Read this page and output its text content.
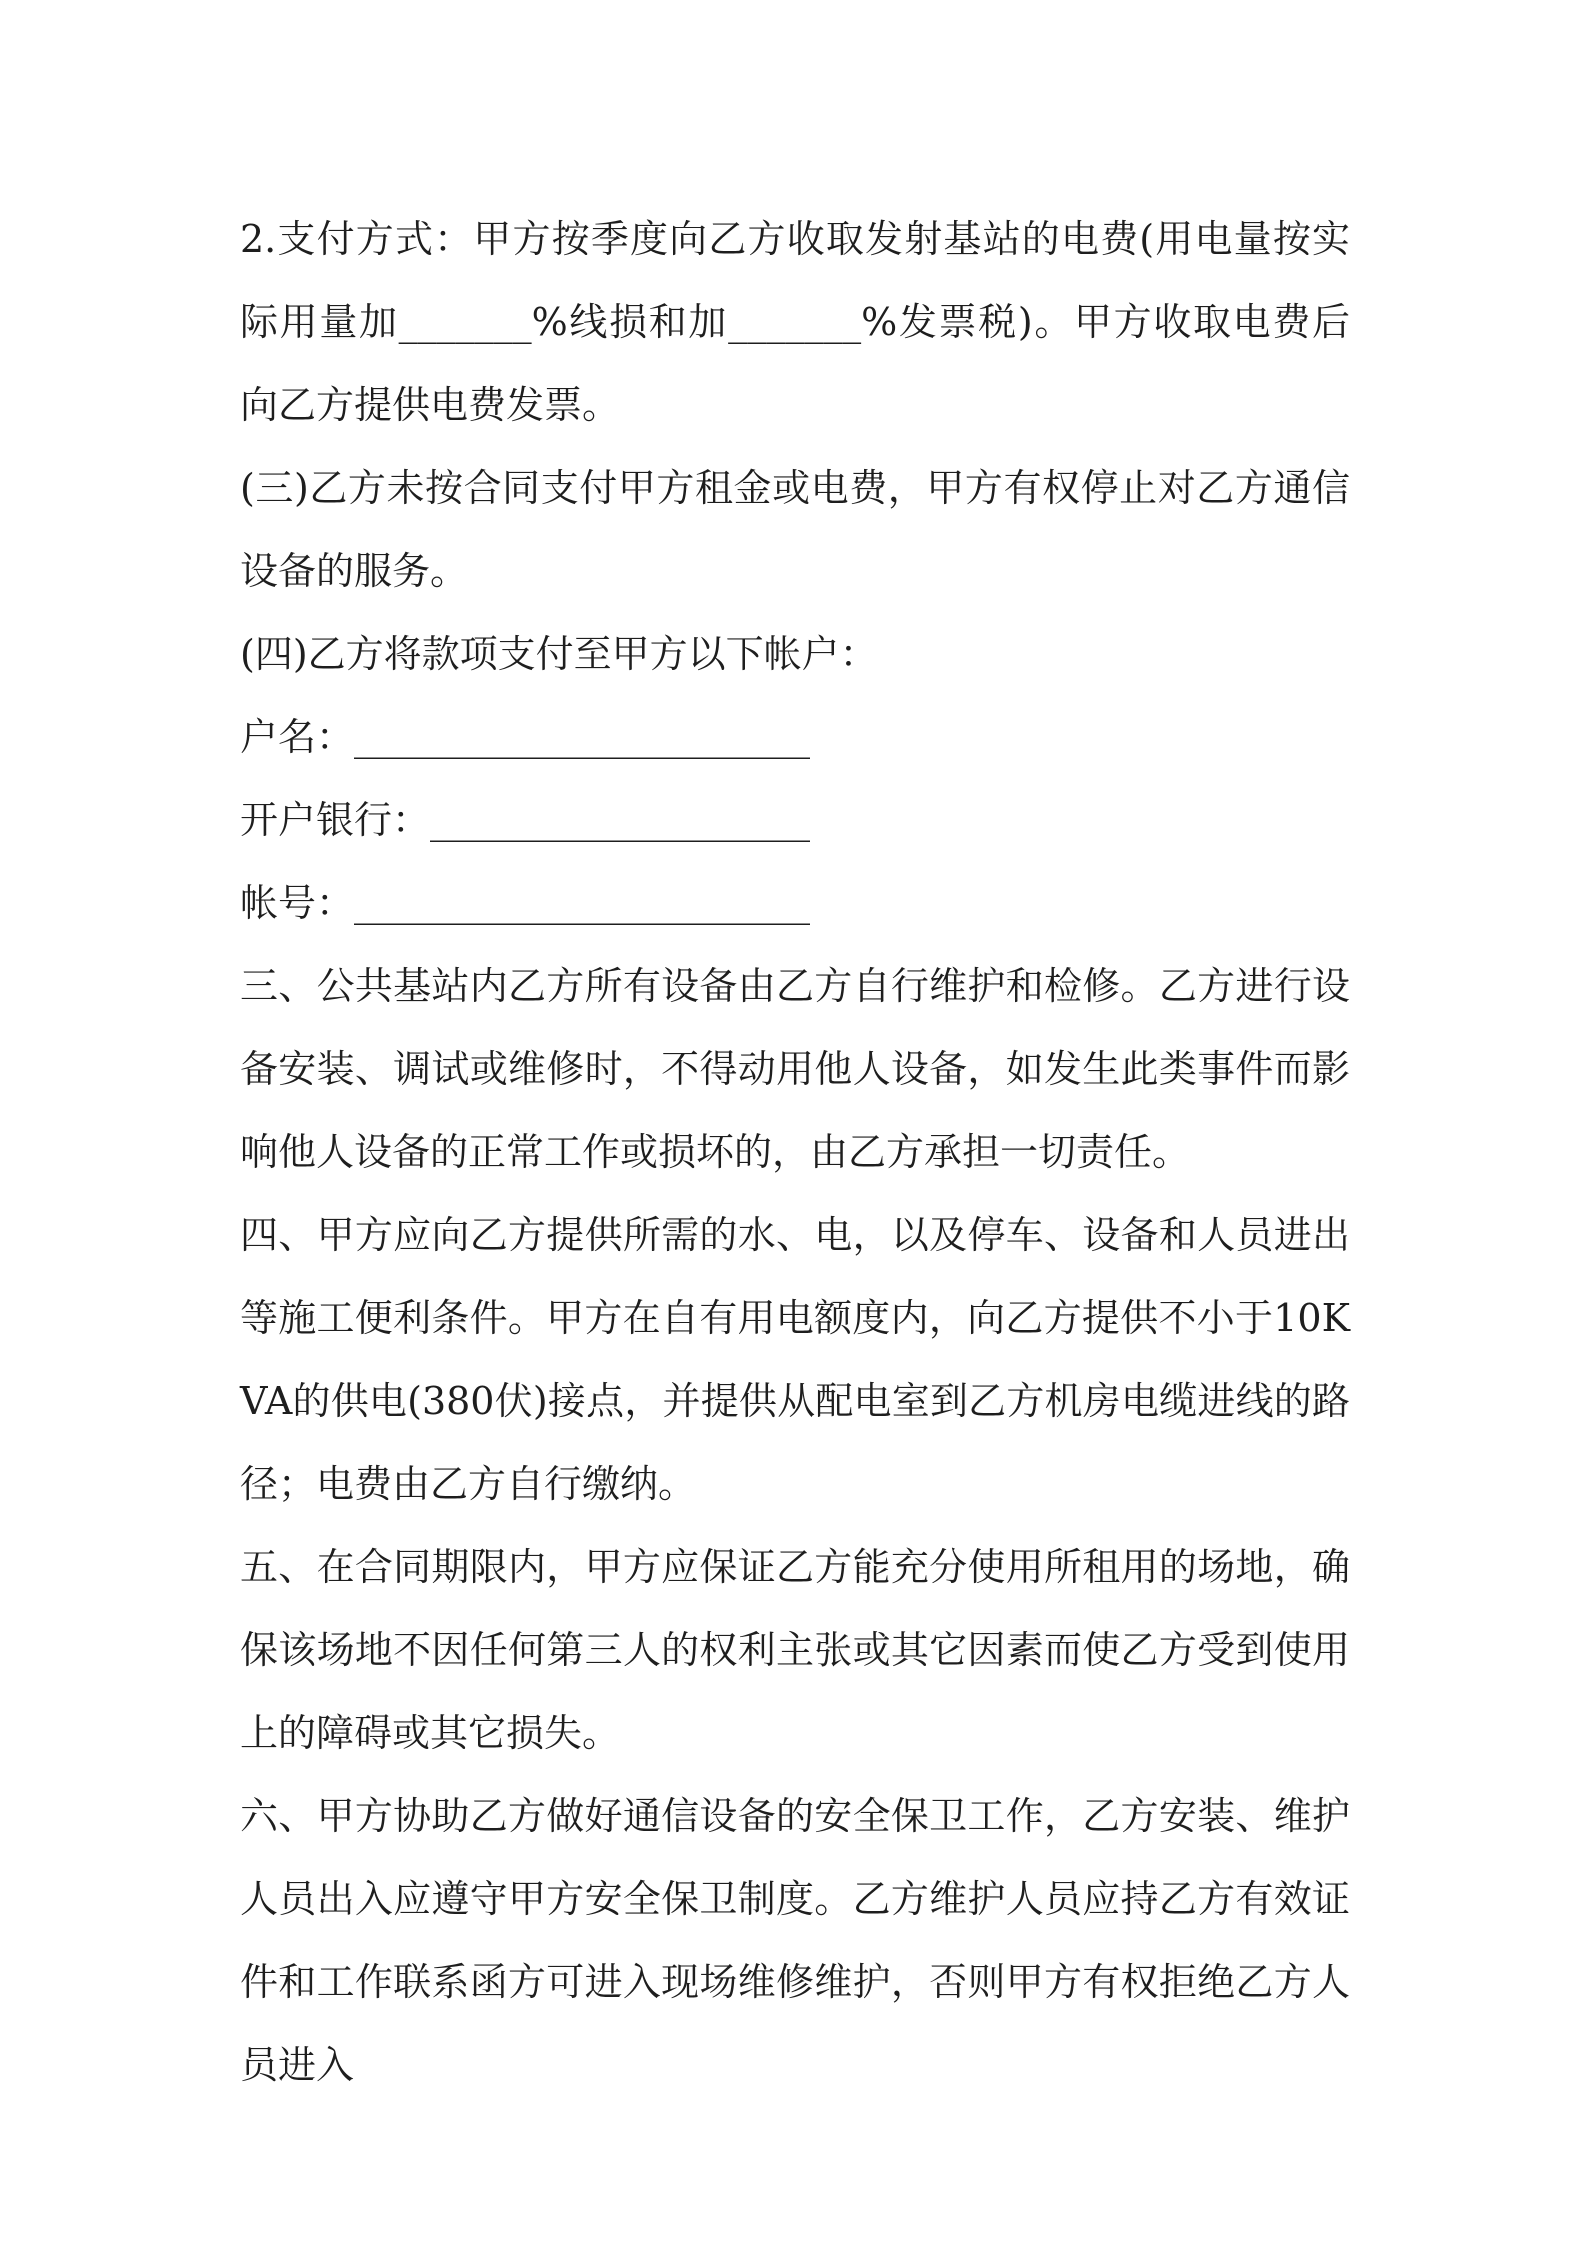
2.支付方式：甲方按季度向乙方收取发射基站的电费(用电量按实际用量加_______%线损和加_______%发票税)。甲方收取电费后向乙方提供电费发票。

(三)乙方未按合同支付甲方租金或电费，甲方有权停止对乙方通信设备的服务。

(四)乙方将款项支付至甲方以下帐户：

户名：________________________

开户银行：____________________

帐号：________________________

三、公共基站内乙方所有设备由乙方自行维护和检修。乙方进行设备安装、调试或维修时，不得动用他人设备，如发生此类事件而影响他人设备的正常工作或损坏的，由乙方承担一切责任。

四、甲方应向乙方提供所需的水、电，以及停车、设备和人员进出等施工便利条件。甲方在自有用电额度内，向乙方提供不小于10KVA的供电(380伏)接点，并提供从配电室到乙方机房电缆进线的路径；电费由乙方自行缴纳。

五、在合同期限内，甲方应保证乙方能充分使用所租用的场地，确保该场地不因任何第三人的权利主张或其它因素而使乙方受到使用上的障碍或其它损失。

六、甲方协助乙方做好通信设备的安全保卫工作，乙方安装、维护人员出入应遵守甲方安全保卫制度。乙方维护人员应持乙方有效证件和工作联系函方可进入现场维修维护，否则甲方有权拒绝乙方人员进入
